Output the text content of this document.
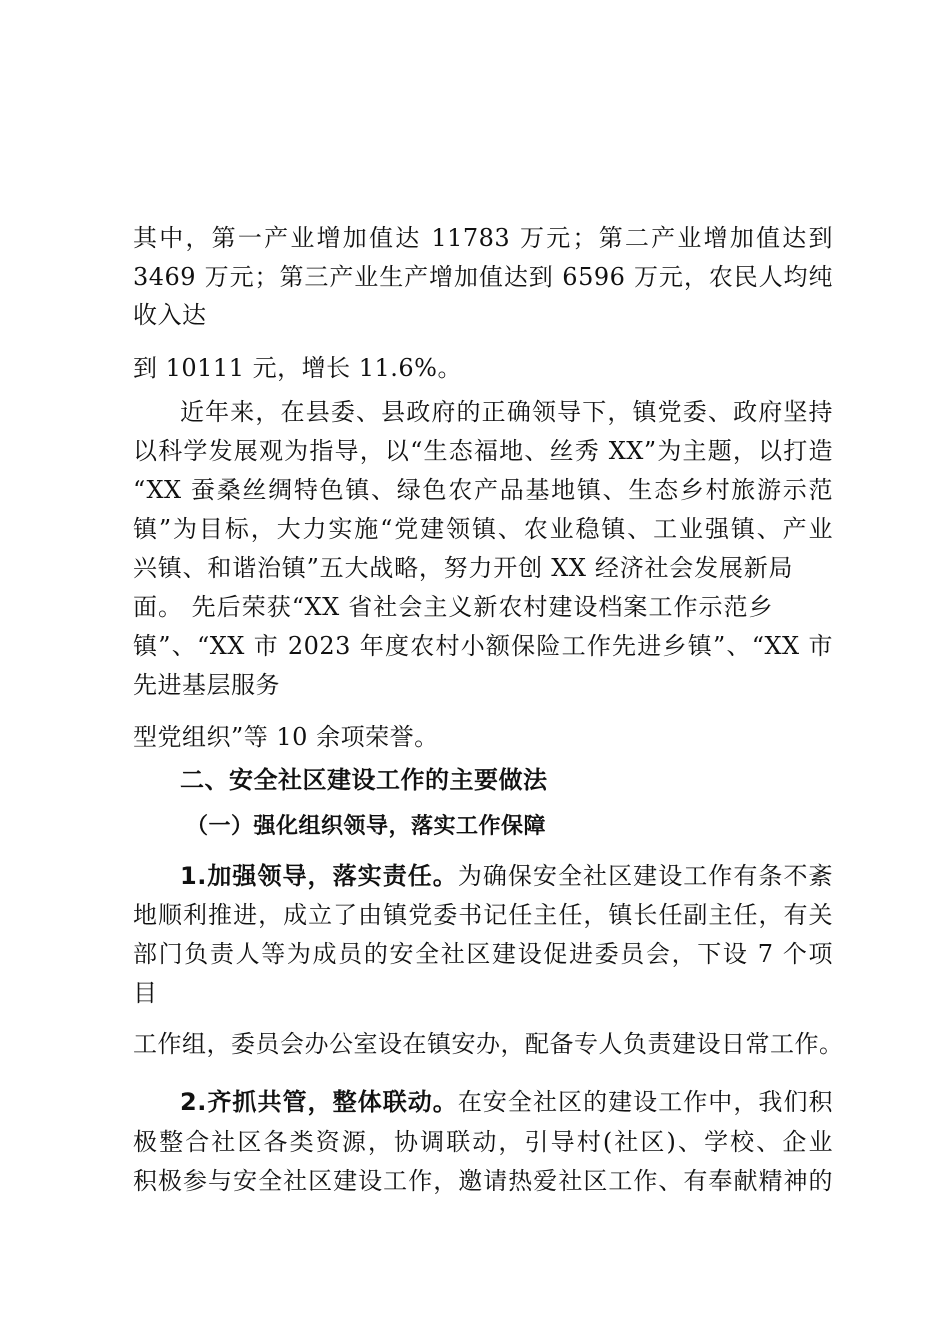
其中，第一产业增加值达 11783 万元；第二产业增加值达到
3469 万元；第三产业生产增加值达到 6596 万元，农民人均纯
收入达
到 10111 元，增长 11.6%。
近年来，在县委、县政府的正确领导下，镇党委、政府坚持
以科学发展观为指导，以“生态福地、丝秀 XX”为主题，以打造
“XX 蚕桑丝绸特色镇、绿色农产品基地镇、生态乡村旅游示范
镇”为目标，大力实施“党建领镇、农业稳镇、工业强镇、产业
兴镇、和谐治镇”五大战略，努力开创 XX 经济社会发展新局
面。 先后荣获“XX 省社会主义新农村建设档案工作示范乡
镇”、“XX 市 2023 年度农村小额保险工作先进乡镇”、“XX 市
先进基层服务
型党组织”等 10 余项荣誉。
二、安全社区建设工作的主要做法
（一）强化组织领导，落实工作保障
1.加强领导，落实责任。为确保安全社区建设工作有条不紊
地顺利推进，成立了由镇党委书记任主任，镇长任副主任，有关
部门负责人等为成员的安全社区建设促进委员会，下设 7 个项
目
工作组，委员会办公室设在镇安办，配备专人负责建设日常工作。
2.齐抓共管，整体联动。在安全社区的建设工作中，我们积
极整合社区各类资源，协调联动，引导村(社区)、学校、企业
积极参与安全社区建设工作，邀请热爱社区工作、有奉献精神的
